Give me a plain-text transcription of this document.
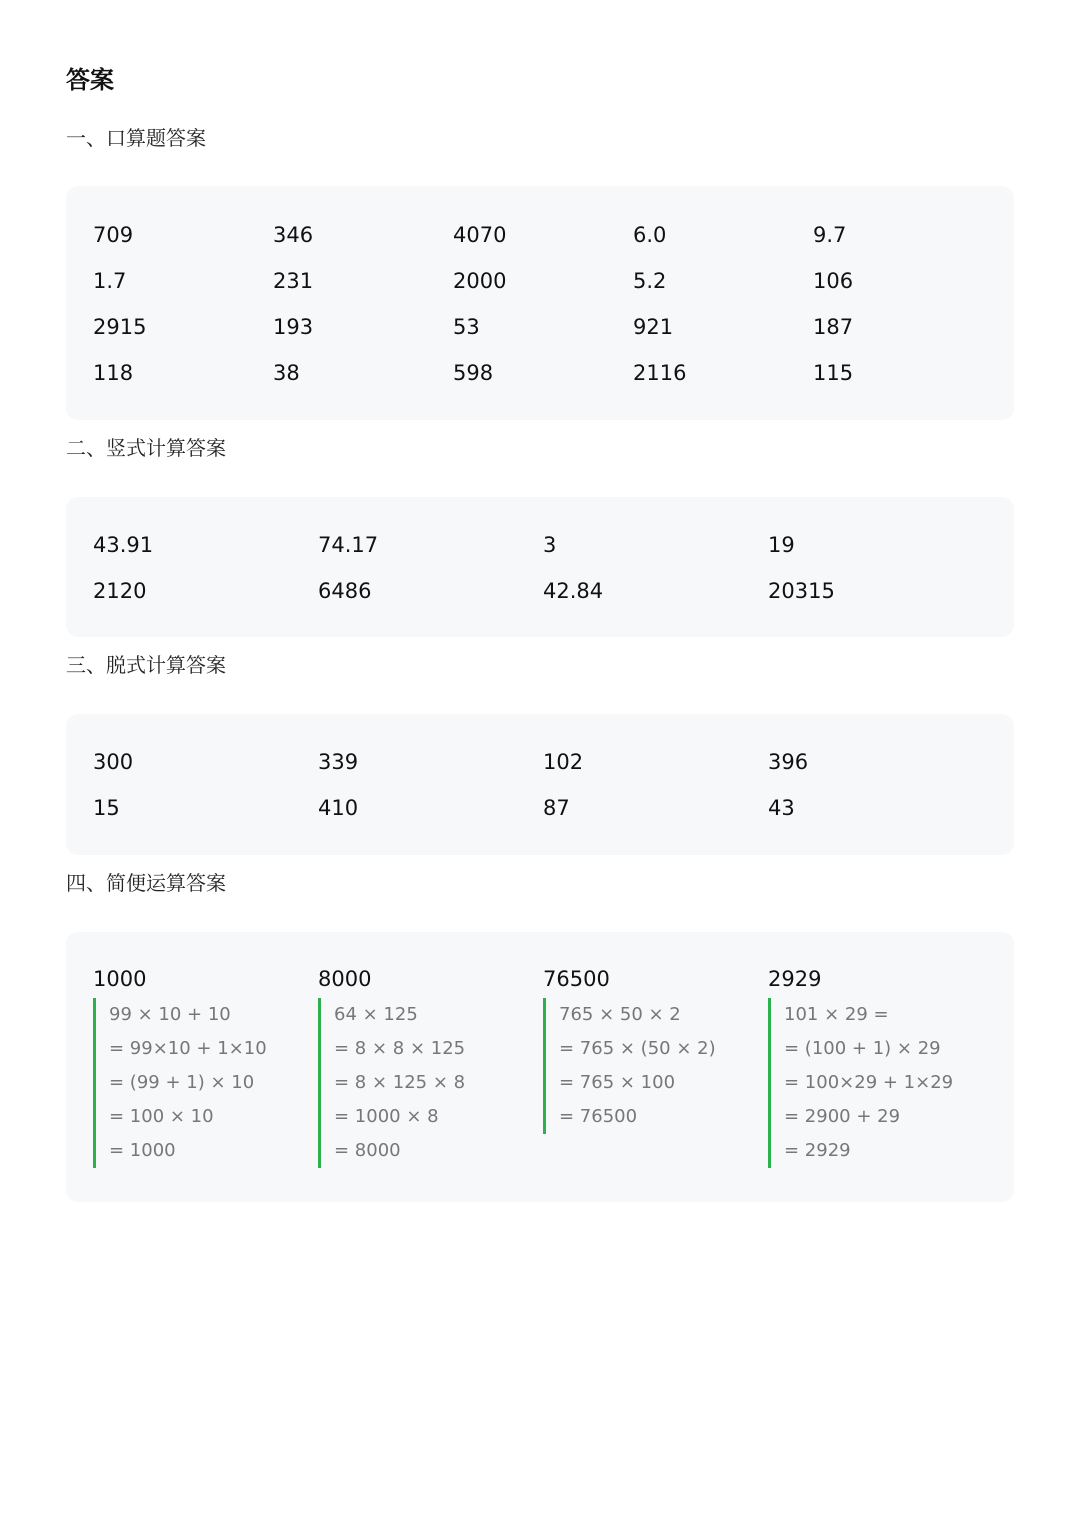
答案
一、口算题答案
709	346	4070	6.0	9.7
1.7	231	2000	5.2	106
2915	193	53	921	187
118	38	598	2116	115
二、竖式计算答案
43.91	74.17	3	19
2120	6486	42.84	20315
三、脱式计算答案
300	339	102	396
15	410	87	43
四、简便运算答案
1000
99 × 10 + 10
= 99×10 + 1×10
= (99 + 1) × 10
= 100 × 10
= 1000
8000
64 × 125
= 8 × 8 × 125
= 8 × 125 × 8
= 1000 × 8
= 8000
76500
765 × 50 × 2
= 765 × (50 × 2)
= 765 × 100
= 76500
2929
101 × 29 =
= (100 + 1) × 29
= 100×29 + 1×29
= 2900 + 29
= 2929
